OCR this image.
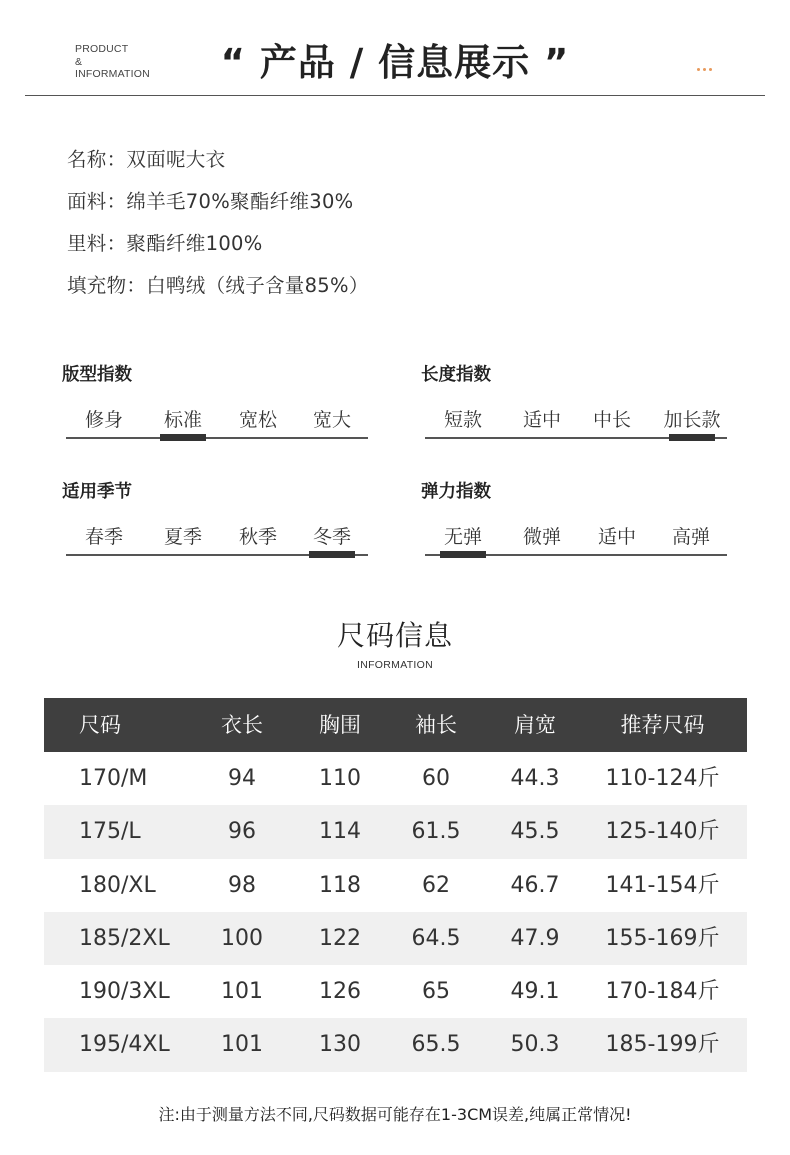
PRODUCT
&
INFORMATION	“ 产品 / 信息展示 ”
名称：双面呢大衣
面料：绵羊毛70%聚酯纤维30%
里料：聚酯纤维100%
填充物：白鸭绒（绒子含量85%）
版型指数
修身	标准	宽松	宽大
长度指数
短款	适中	中长	加长款
适用季节
春季	夏季	秋季	冬季
弹力指数
无弹	微弹	适中	高弹
尺码信息
INFORMATION
尺码	衣长	胸围	袖长	肩宽	推荐尺码
170/M	94	110	60	44.3	110-124斤
175/L	96	114	61.5	45.5	125-140斤
180/XL	98	118	62	46.7	141-154斤
185/2XL	100	122	64.5	47.9	155-169斤
190/3XL	101	126	65	49.1	170-184斤
195/4XL	101	130	65.5	50.3	185-199斤
注:由于测量方法不同,尺码数据可能存在1-3CM误差,纯属正常情况!
